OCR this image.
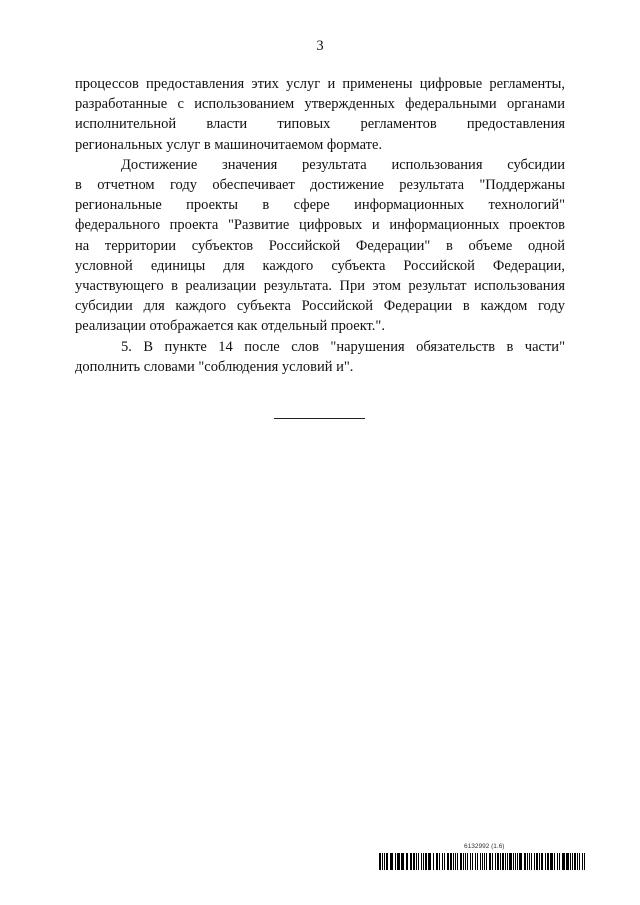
3

процессов предоставления этих услуг и применены цифровые регламенты,
разработанные с использованием утвержденных федеральными органами
исполнительной власти типовых регламентов предоставления
региональных услуг в машиночитаемом формате.

Достижение значения результата использования субсидии
в отчетном году обеспечивает достижение результата "Поддержаны
региональные проекты в сфере информационных технологий"
федерального проекта "Развитие цифровых и информационных проектов
на территории субъектов Российской Федерации" в объеме одной
условной единицы для каждого субъекта Российской Федерации,
участвующего в реализации результата. При этом результат использования
субсидии для каждого субъекта Российской Федерации в каждом году
реализации отображается как отдельный проект.".

5. В пункте 14 после слов "нарушения обязательств в части"
дополнить словами "соблюдения условий и".

6132992 (1.6)
